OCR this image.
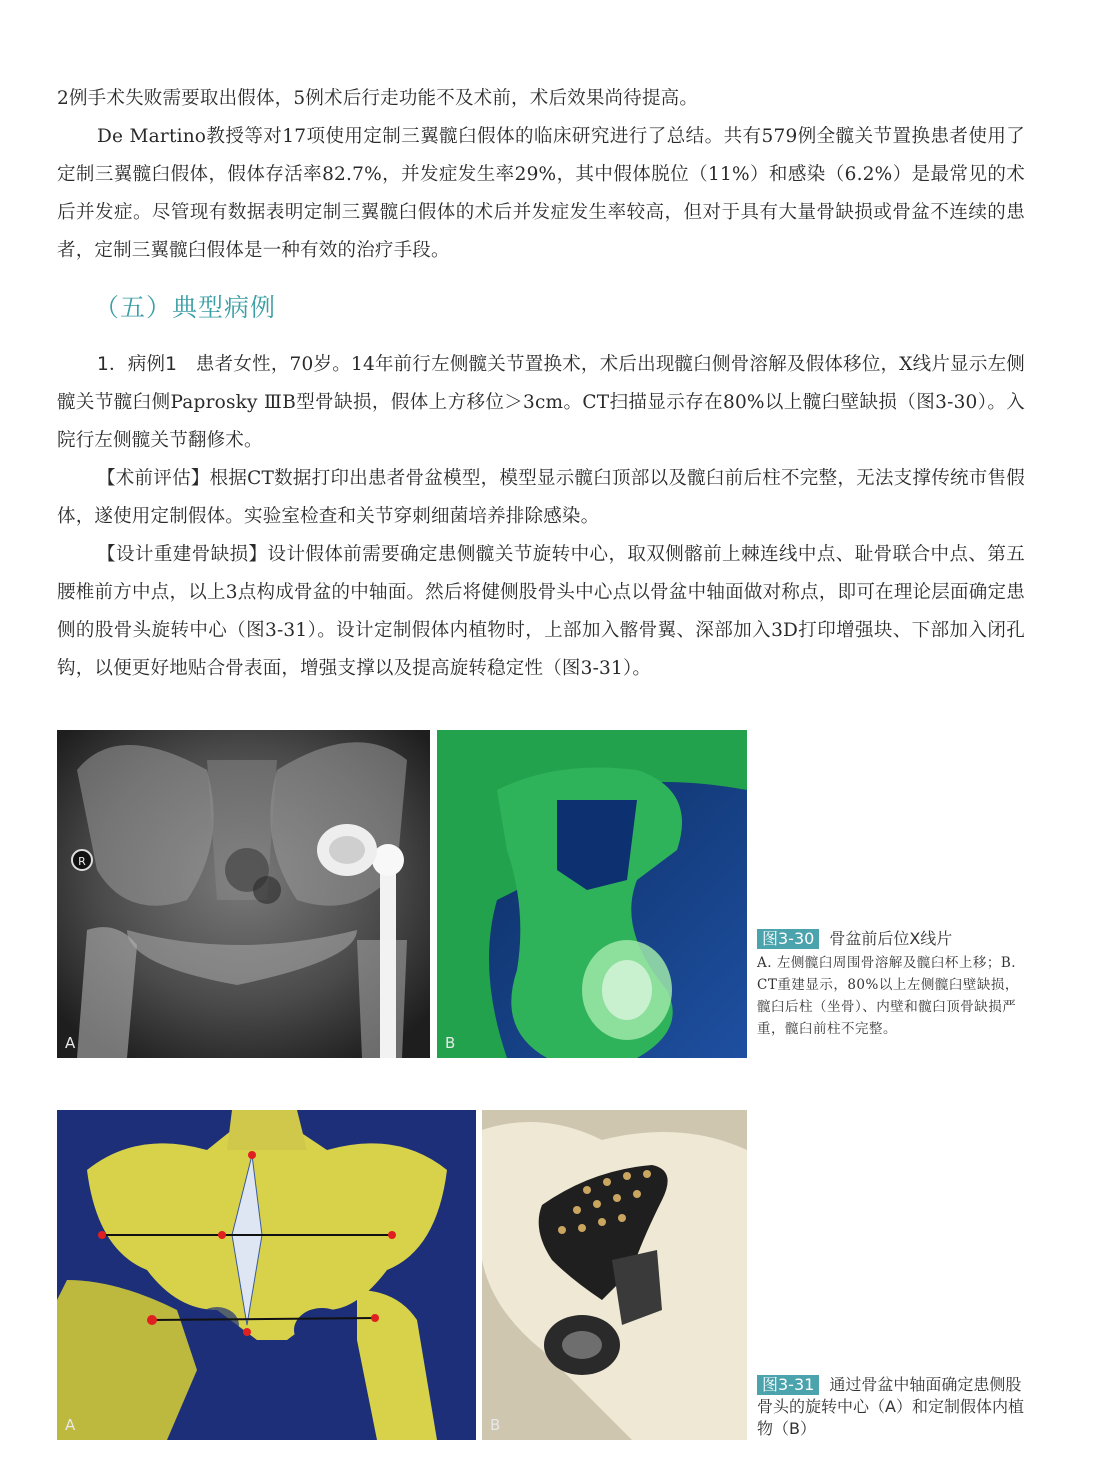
2例手术失败需要取出假体，5例术后行走功能不及术前，术后效果尚待提高。
De Martino教授等对17项使用定制三翼髋臼假体的临床研究进行了总结。共有579例全髋关节置换患者使用了定制三翼髋臼假体，假体存活率82.7%，并发症发生率29%，其中假体脱位（11%）和感染（6.2%）是最常见的术后并发症。尽管现有数据表明定制三翼髋臼假体的术后并发症发生率较高，但对于具有大量骨缺损或骨盆不连续的患者，定制三翼髋臼假体是一种有效的治疗手段。
（五）典型病例
1．病例1　 患者女性，70岁。14年前行左侧髋关节置换术，术后出现髋臼侧骨溶解及假体移位，X线片显示左侧髋关节髋臼侧Paprosky ⅢB型骨缺损，假体上方移位＞3cm。CT扫描显示存在80%以上髋臼壁缺损（图3-30）。入院行左侧髋关节翻修术。
【术前评估】根据CT数据打印出患者骨盆模型，模型显示髋臼顶部以及髋臼前后柱不完整，无法支撑传统市售假体，遂使用定制假体。实验室检查和关节穿刺细菌培养排除感染。
【设计重建骨缺损】设计假体前需要确定患侧髋关节旋转中心，取双侧髂前上棘连线中点、耻骨联合中点、第五腰椎前方中点，以上3点构成骨盆的中轴面。然后将健侧股骨头中心点以骨盆中轴面做对称点，即可在理论层面确定患侧的股骨头旋转中心（图3-31）。设计定制假体内植物时，上部加入髂骨翼、深部加入3D打印增强块、下部加入闭孔钩，以便更好地贴合骨表面，增强支撑以及提高旋转稳定性（图3-31）。
R
A	B
图3-30 骨盆前后位X线片
A. 左侧髋臼周围骨溶解及髋臼杯上移；B. CT重建显示，80%以上左侧髋臼壁缺损，髋臼后柱（坐骨）、内壁和髋臼顶骨缺损严重，髋臼前柱不完整。
A	B
图3-31 通过骨盆中轴面确定患侧股骨头的旋转中心（A）和定制假体内植物（B）
